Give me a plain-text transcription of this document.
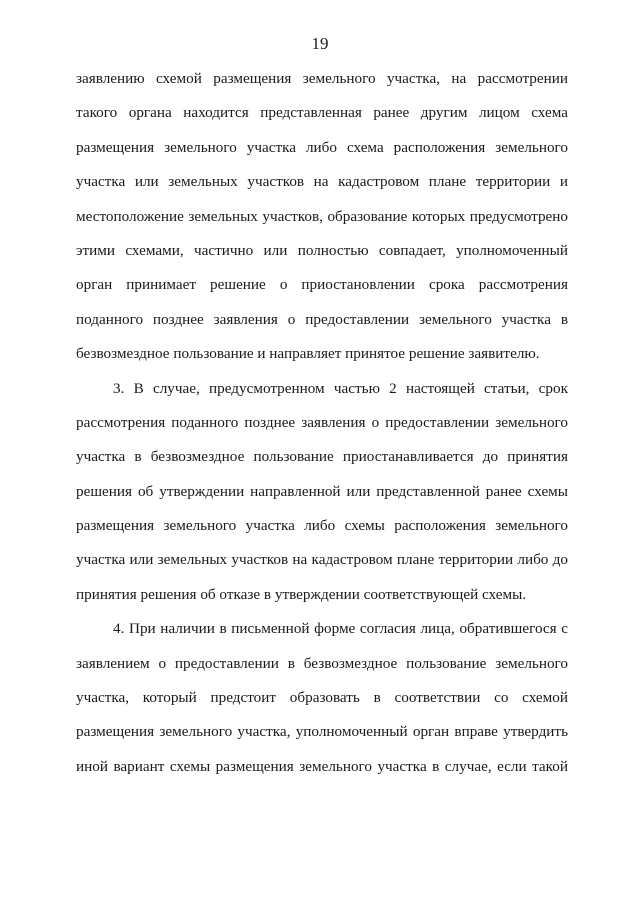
19
заявлению схемой размещения земельного участка, на рассмотрении
такого органа находится представленная ранее другим лицом схема
размещения земельного участка либо схема расположения земельного
участка или земельных участков на кадастровом плане территории и
местоположение земельных участков, образование которых предусмотрено
этими схемами, частично или полностью совпадает, уполномоченный
орган принимает решение о приостановлении срока рассмотрения
поданного позднее заявления о предоставлении земельного участка в
безвозмездное пользование и направляет принятое решение заявителю.
3. В случае, предусмотренном частью 2 настоящей статьи, срок
рассмотрения поданного позднее заявления о предоставлении земельного
участка в безвозмездное пользование приостанавливается до принятия
решения об утверждении направленной или представленной ранее схемы
размещения земельного участка либо схемы расположения земельного
участка или земельных участков на кадастровом плане территории либо до
принятия решения об отказе в утверждении соответствующей схемы.
4. При наличии в письменной форме согласия лица, обратившегося с
заявлением о предоставлении в безвозмездное пользование земельного
участка, который предстоит образовать в соответствии со схемой
размещения земельного участка, уполномоченный орган вправе утвердить
иной вариант схемы размещения земельного участка в случае, если такой
